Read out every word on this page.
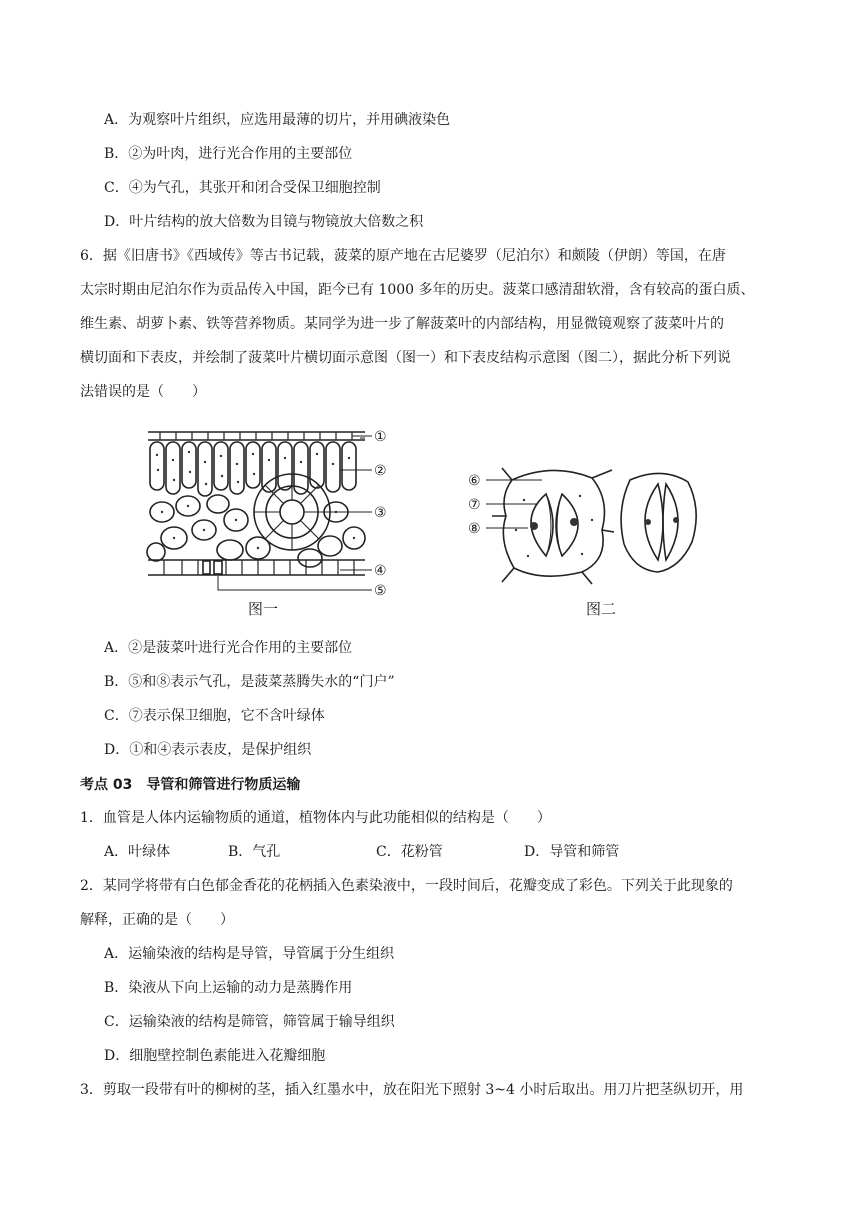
A．为观察叶片组织，应选用最薄的切片，并用碘液染色
B．②为叶肉，进行光合作用的主要部位
C．④为气孔，其张开和闭合受保卫细胞控制
D．叶片结构的放大倍数为目镜与物镜放大倍数之积
6．据《旧唐书》《西域传》等古书记载，菠菜的原产地在古尼婆罗（尼泊尔）和颇陵（伊朗）等国，在唐
太宗时期由尼泊尔作为贡品传入中国，距今已有 1000 多年的历史。菠菜口感清甜软滑，含有较高的蛋白质、
维生素、胡萝卜素、铁等营养物质。某同学为进一步了解菠菜叶的内部结构，用显微镜观察了菠菜叶片的
横切面和下表皮，并绘制了菠菜叶片横切面示意图（图一）和下表皮结构示意图（图二），据此分析下列说
法错误的是（　　）
①
②
③
④
⑤
图一
⑥
⑦
⑧
图二
A．②是菠菜叶进行光合作用的主要部位
B．⑤和⑧表示气孔，是菠菜蒸腾失水的“门户”
C．⑦表示保卫细胞，它不含叶绿体
D．①和④表示表皮，是保护组织
考点 03　导管和筛管进行物质运输
1．血管是人体内运输物质的通道，植物体内与此功能相似的结构是（　　）
A．叶绿体	B．气孔	C．花粉管	D．导管和筛管
2．某同学将带有白色郁金香花的花柄插入色素染液中，一段时间后，花瓣变成了彩色。下列关于此现象的
解释，正确的是（　　）
A．运输染液的结构是导管，导管属于分生组织
B．染液从下向上运输的动力是蒸腾作用
C．运输染液的结构是筛管，筛管属于输导组织
D．细胞壁控制色素能进入花瓣细胞
3．剪取一段带有叶的柳树的茎，插入红墨水中，放在阳光下照射 3~4 小时后取出。用刀片把茎纵切开，用
